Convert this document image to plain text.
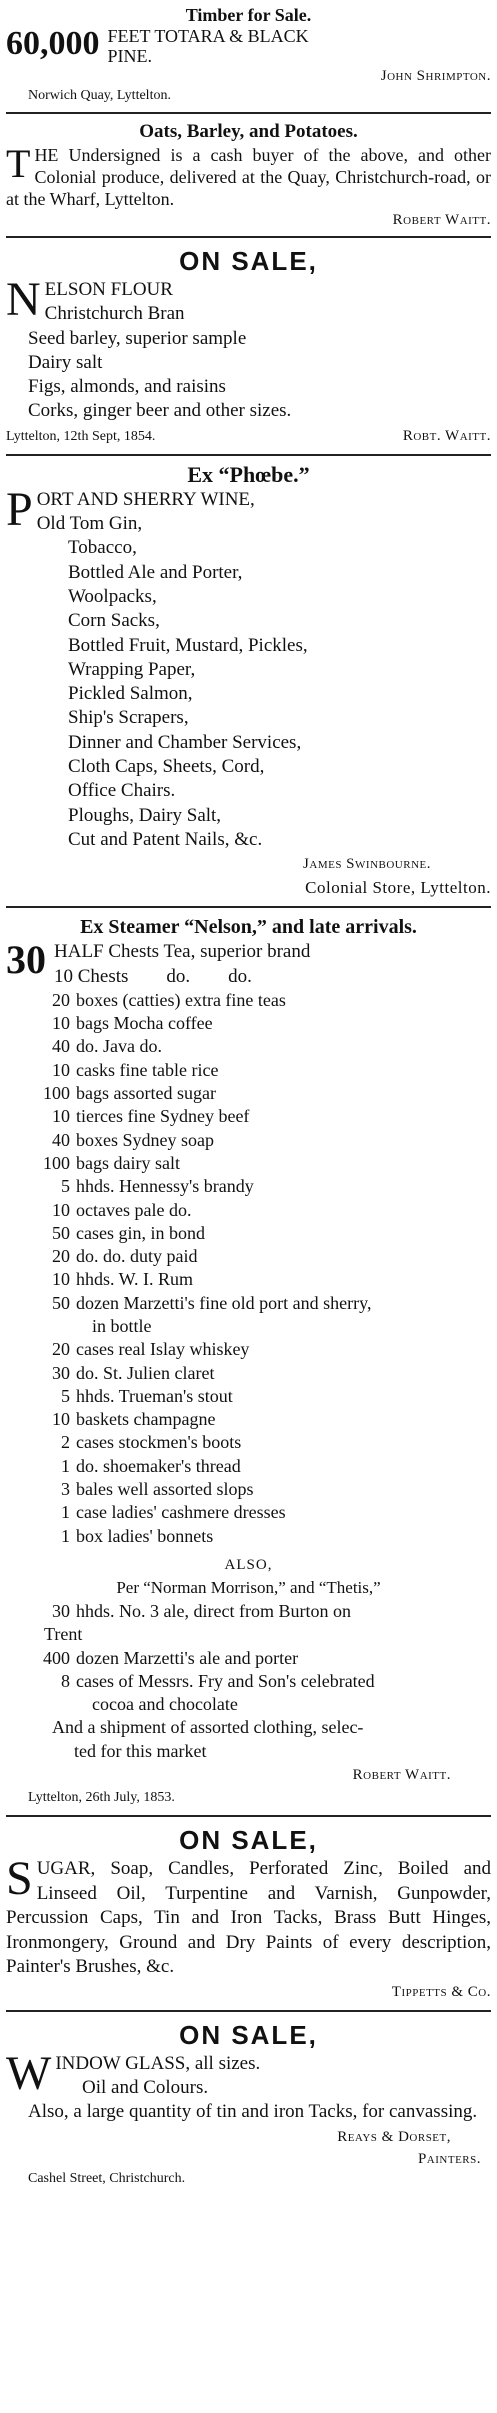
Timber for Sale.
60,000 FEET TOTARA & BLACK
PINE.
John Shrimpton.
Norwich Quay, Lyttelton.
Oats, Barley, and Potatoes.
THE Undersigned is a cash buyer of the above, and other Colonial produce, delivered at the Quay, Christchurch-road, or at the Wharf, Lyttelton.
Robert Waitt.
ON SALE,
N ELSON FLOUR
Christchurch Bran
Seed barley, superior sample
Dairy salt
Figs, almonds, and raisins
Corks, ginger beer and other sizes.
Lyttelton, 12th Sept, 1854.	Robt. Waitt.
Ex “Phœbe.”
P ORT AND SHERRY WINE,
Old Tom Gin,
Tobacco,
Bottled Ale and Porter,
Woolpacks,
Corn Sacks,
Bottled Fruit, Mustard, Pickles,
Wrapping Paper,
Pickled Salmon,
Ship's Scrapers,
Dinner and Chamber Services,
Cloth Caps, Sheets, Cord,
Office Chairs.
Ploughs, Dairy Salt,
Cut and Patent Nails, &c.
James Swinbourne.
Colonial Store, Lyttelton.
Ex Steamer “Nelson,” and late arrivals.
30 HALF Chests Tea, superior brand
10 Chests        do.        do.
20 boxes (catties) extra fine teas
10 bags Mocha coffee
40 do. Java do.
10 casks fine table rice
100 bags assorted sugar
10 tierces fine Sydney beef
40 boxes Sydney soap
100 bags dairy salt
5 hhds. Hennessy's brandy
10 octaves pale do.
50 cases gin, in bond
20 do. do. duty paid
10 hhds. W. I. Rum
50 dozen Marzetti's fine old port and sherry,
in bottle
20 cases real Islay whiskey
30 do. St. Julien claret
5 hhds. Trueman's stout
10 baskets champagne
2 cases stockmen's boots
1 do. shoemaker's thread
3 bales well assorted slops
1 case ladies' cashmere dresses
1 box ladies' bonnets
ALSO,
Per “Norman Morrison,” and “Thetis,”
30 hhds. No. 3 ale, direct from Burton on
Trent
400 dozen Marzetti's ale and porter
8 cases of Messrs. Fry and Son's celebrated
cocoa and chocolate
And a shipment of assorted clothing, selec-
ted for this market
Robert Waitt.
Lyttelton, 26th July, 1853.
ON SALE,
SUGAR, Soap, Candles, Perforated Zinc, Boiled and Linseed Oil, Turpentine and Varnish, Gunpowder, Percussion Caps, Tin and Iron Tacks, Brass Butt Hinges, Ironmongery, Ground and Dry Paints of every description, Painter's Brushes, &c.
Tippetts & Co.
ON SALE,
W INDOW GLASS, all sizes.
Oil and Colours.
Also, a large quantity of tin and iron Tacks, for canvassing.
Reays & Dorset,
Painters.
Cashel Street, Christchurch.
